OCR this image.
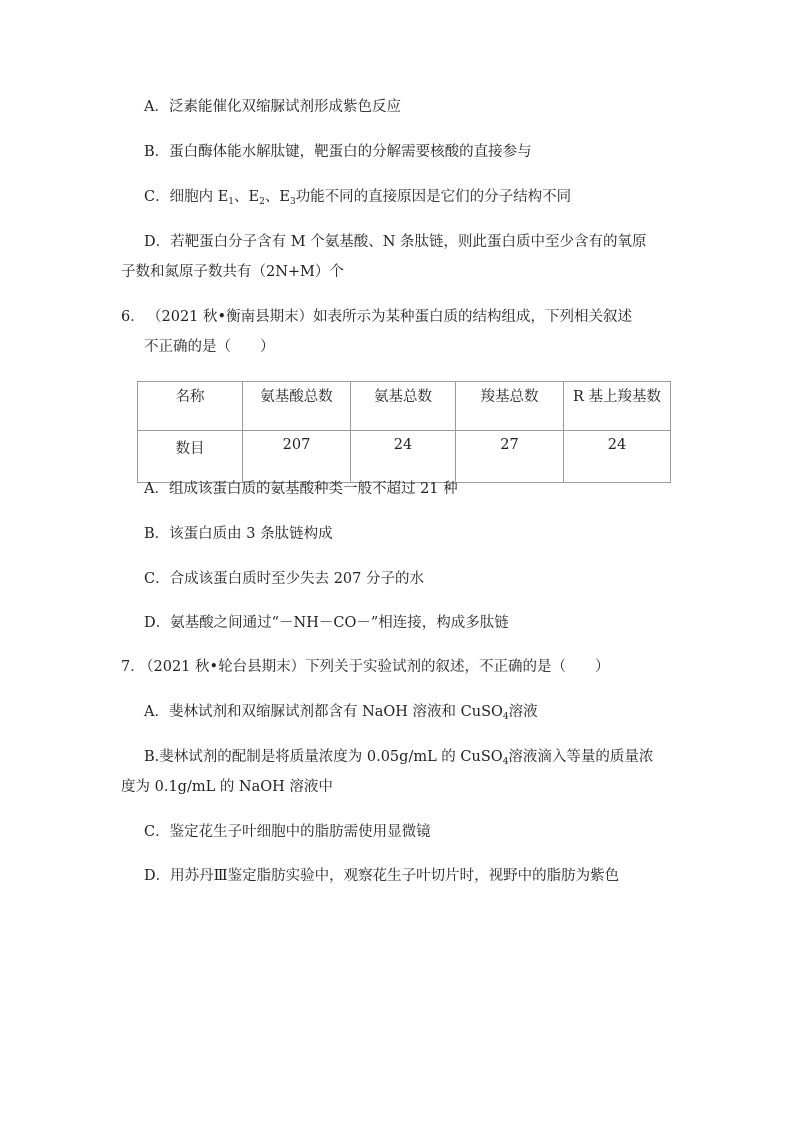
A．泛素能催化双缩脲试剂形成紫色反应
B．蛋白酶体能水解肽键，靶蛋白的分解需要核酸的直接参与
C．细胞内 $E_1$、$E_2$、$E_3$功能不同的直接原因是它们的分子结构不同
D．若靶蛋白分子含有 M 个氨基酸、N 条肽链，则此蛋白质中至少含有的氧原
子数和氮原子数共有（2N+M）个
6． （2021 秋•衡南县期末）如表所示为某种蛋白质的结构组成，下列相关叙述
不正确的是（　　）
名称	氨基酸总数	氨基总数	羧基总数	R 基上羧基数
数目	207	24	27	24
A．组成该蛋白质的氨基酸种类一般不超过 21 种
B．该蛋白质由 3 条肽链构成
C．合成该蛋白质时至少失去 207 分子的水
D．氨基酸之间通过“－NH－CO－”相连接，构成多肽链
7．
（2021 秋•轮台县期末）下列关于实验试剂的叙述，不正确的是（　　）
A．斐林试剂和双缩脲试剂都含有 NaOH 溶液和 CuSO$_4$溶液
B.斐林试剂的配制是将质量浓度为 0.05g/mL 的 CuSO$_4$溶液滴入等量的质量浓
度为 0.1g/mL 的 NaOH 溶液中
C．鉴定花生子叶细胞中的脂肪需使用显微镜
D．用苏丹Ⅲ鉴定脂肪实验中，观察花生子叶切片时，视野中的脂肪为紫色
